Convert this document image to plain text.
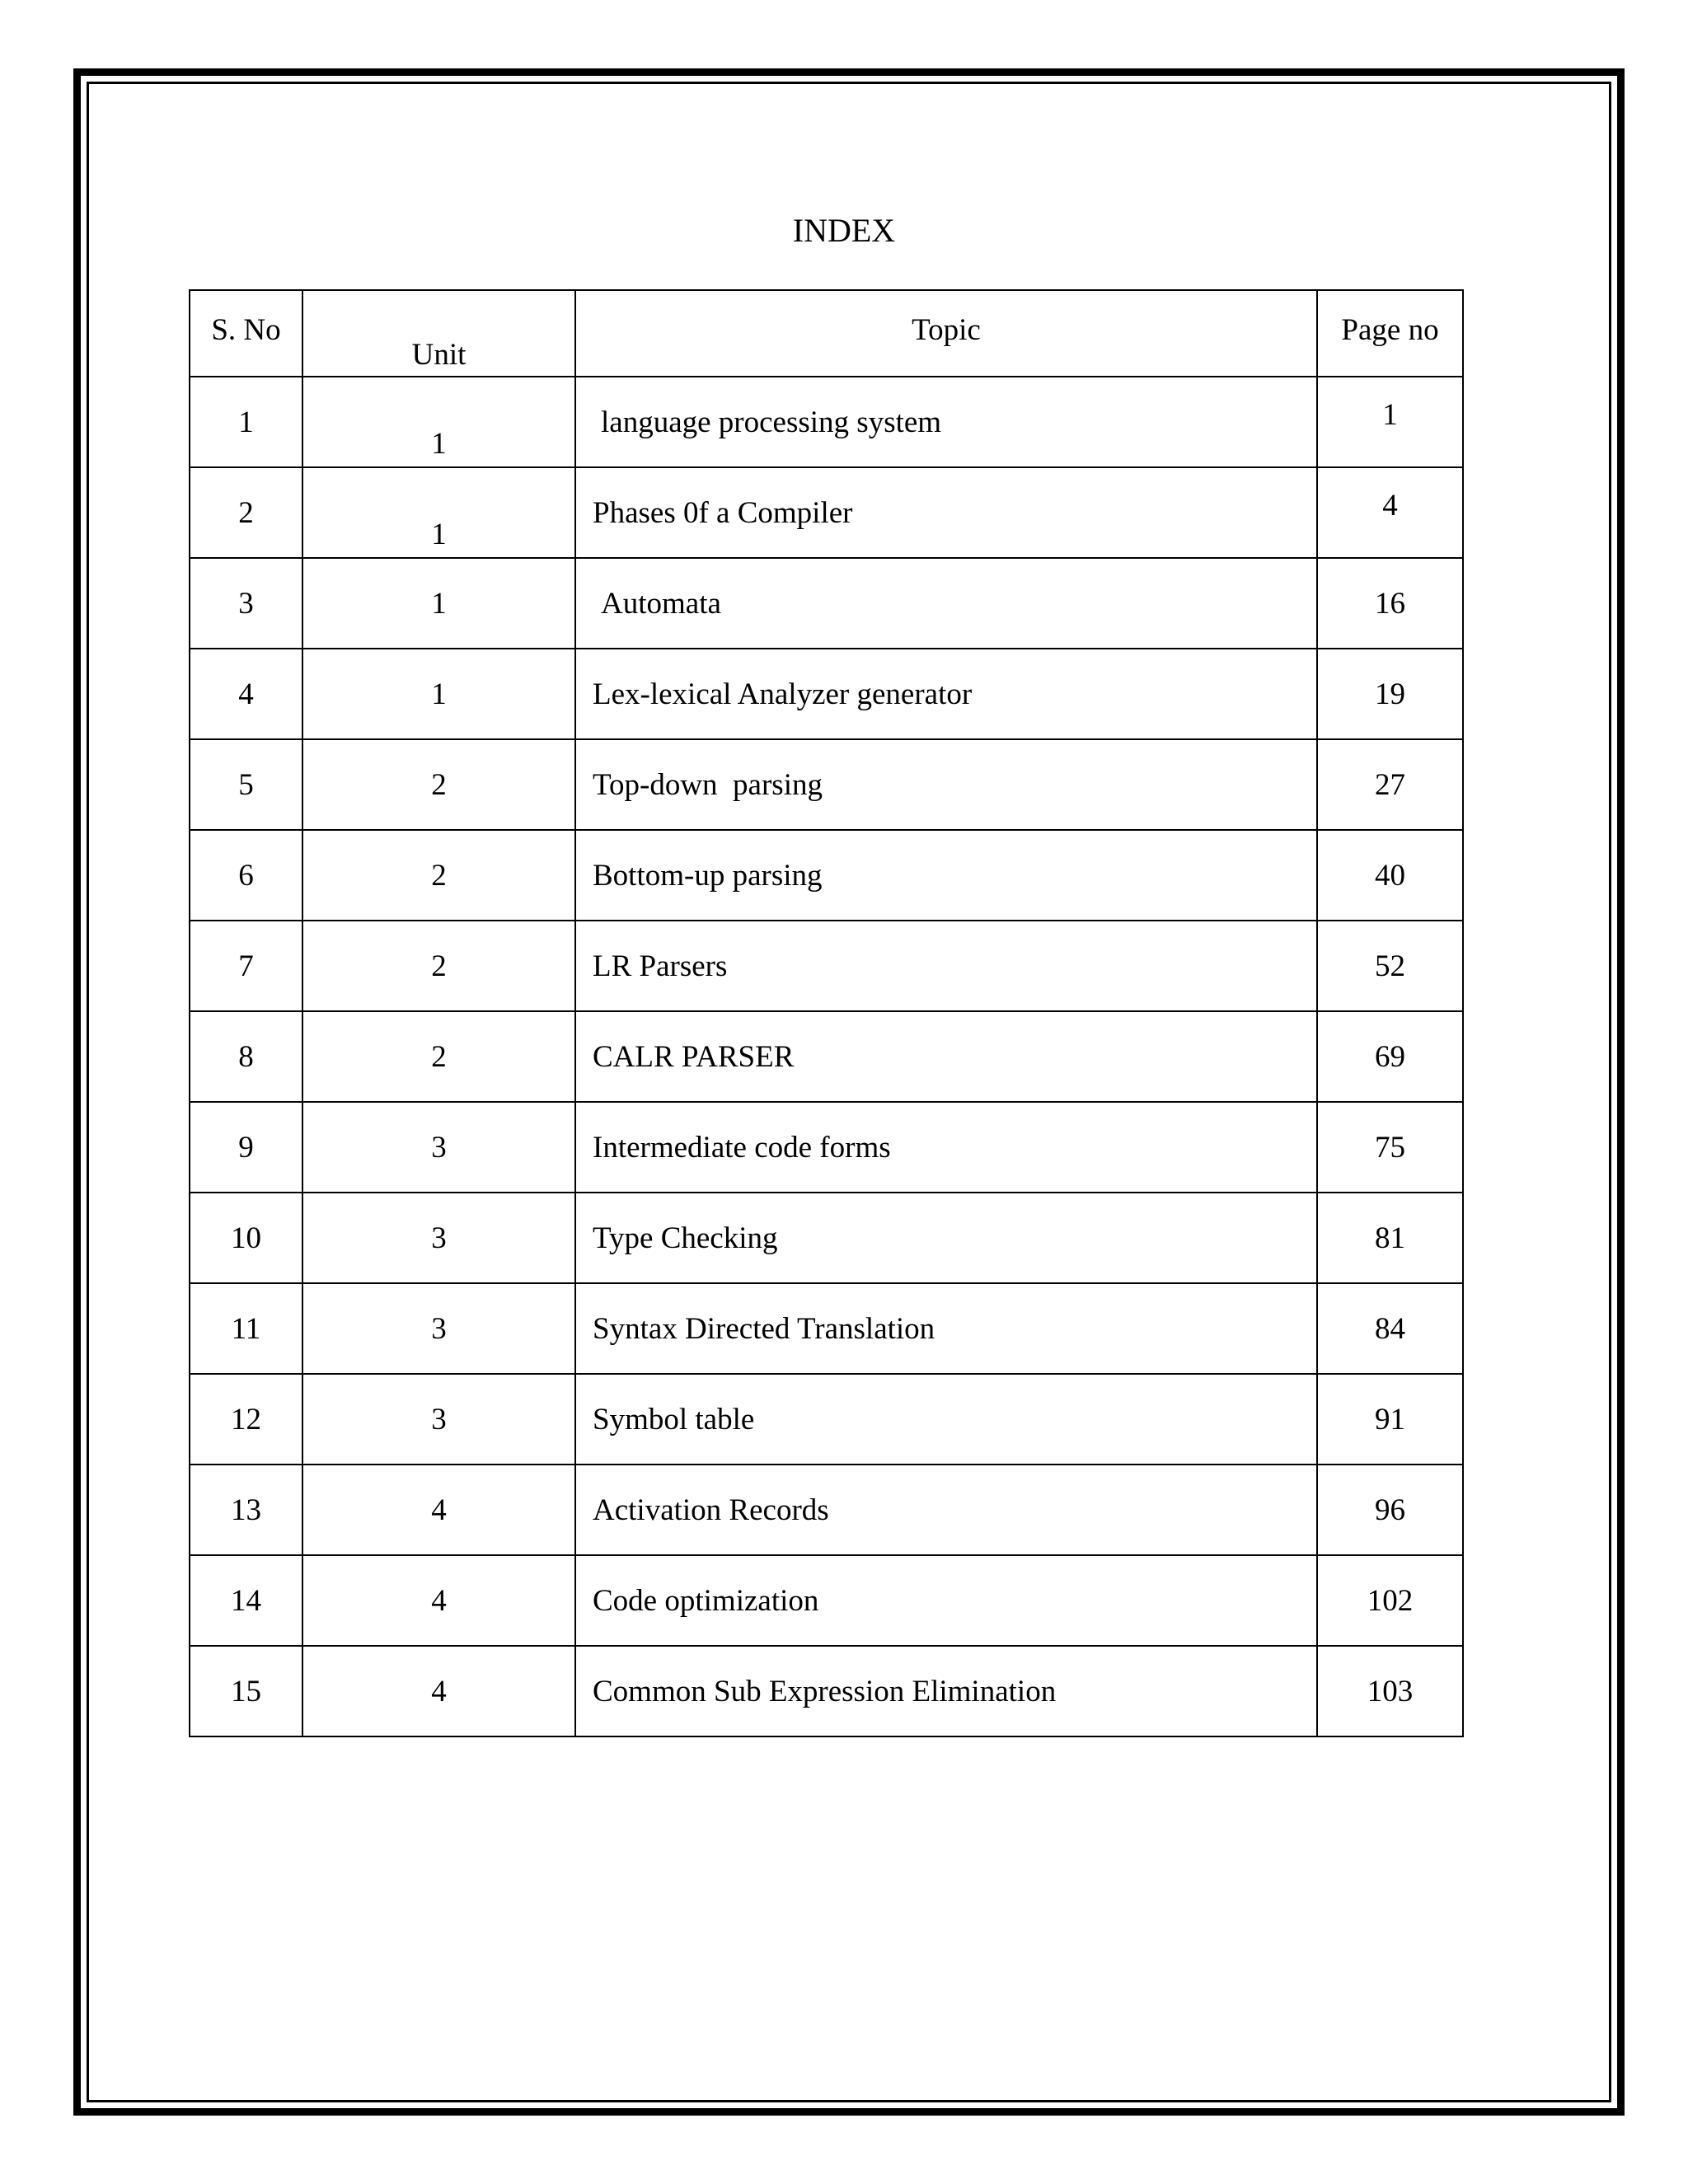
INDEX
S. No	Unit	Topic	Page no
1	1	language processing system	1
2	1	Phases 0f a Compiler	4
3	1	Automata	16
4	1	Lex-lexical Analyzer generator	19
5	2	Top-down  parsing	27
6	2	Bottom-up parsing	40
7	2	LR Parsers	52
8	2	CALR PARSER	69
9	3	Intermediate code forms	75
10	3	Type Checking	81
11	3	Syntax Directed Translation	84
12	3	Symbol table	91
13	4	Activation Records	96
14	4	Code optimization	102
15	4	Common Sub Expression Elimination	103
